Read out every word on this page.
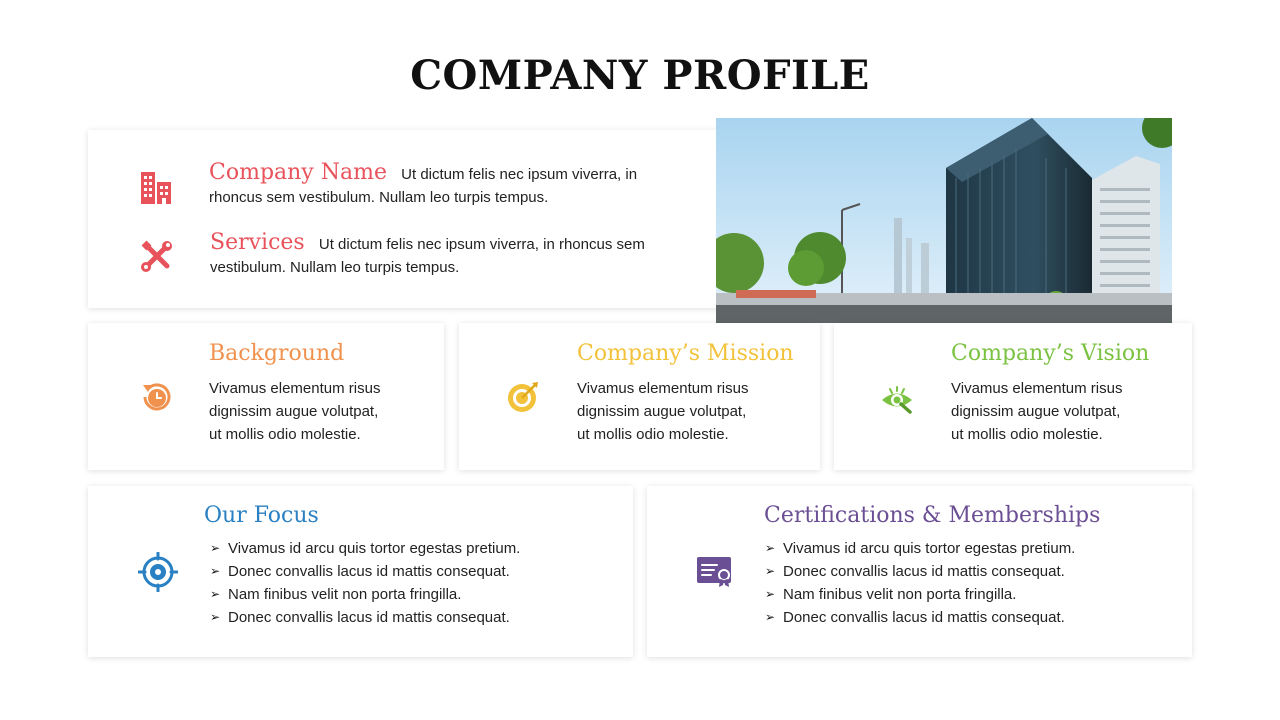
COMPANY PROFILE
Company Name Ut dictum felis nec ipsum viverra, in rhoncus sem vestibulum. Nullam leo turpis tempus.
Services Ut dictum felis nec ipsum viverra, in rhoncus sem vestibulum. Nullam leo turpis tempus.
Background
Vivamus elementum risus
dignissim augue volutpat,
ut mollis odio molestie.
Company’s Mission
Vivamus elementum risus
dignissim augue volutpat,
ut mollis odio molestie.
Company’s Vision
Vivamus elementum risus
dignissim augue volutpat,
ut mollis odio molestie.
Our Focus
➢ Vivamus id arcu quis tortor egestas pretium.
➢ Donec convallis lacus id mattis consequat.
➢ Nam finibus velit non porta fringilla.
➢ Donec convallis lacus id mattis consequat.
Certifications & Memberships
➢ Vivamus id arcu quis tortor egestas pretium.
➢ Donec convallis lacus id mattis consequat.
➢ Nam finibus velit non porta fringilla.
➢ Donec convallis lacus id mattis consequat.
